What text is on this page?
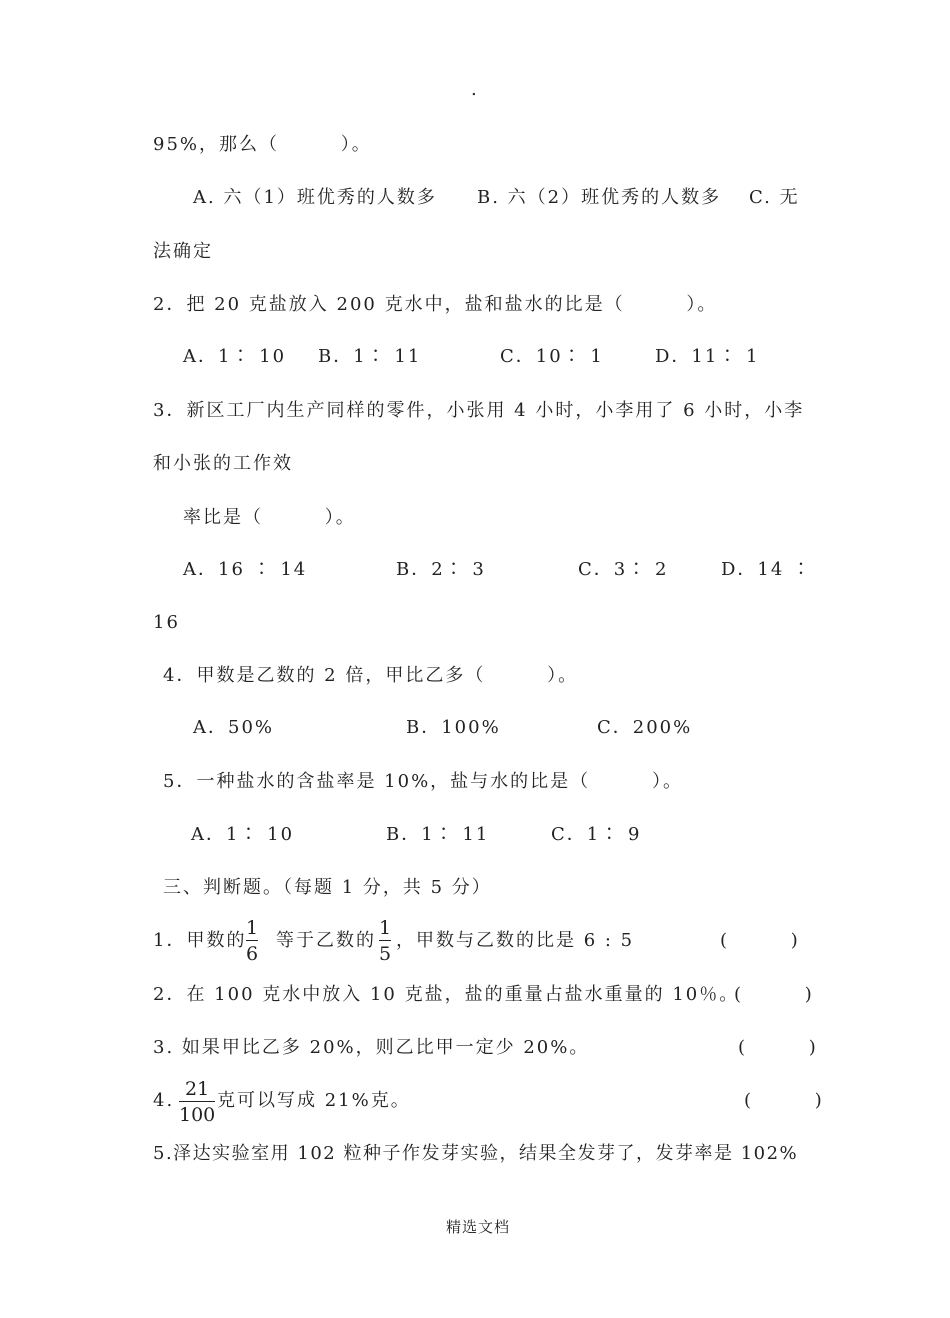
.
95%，那么（        ）。
A. 六（1）班优秀的人数多 B. 六（2）班优秀的人数多 C. 无
法确定
2．把 20 克盐放入 200 克水中，盐和盐水的比是（        ）。
A．1∶ 10 B．1∶ 11	C．10∶ 1	D．11∶ 1
3．新区工厂内生产同样的零件，小张用 4 小时，小李用了 6 小时，小李
和小张的工作效
率比是（        ）。
A．16 ∶ 14	B．2∶ 3	C．3∶ 2	D．14 ∶
16
4．甲数是乙数的 2 倍，甲比乙多（        ）。
A．50%	B．100%	C．200%
5．一种盐水的含盐率是 10%，盐与水的比是（        ）。
A．1∶ 10	B．1∶ 11	C．1∶ 9
三、判断题。（每题 1 分，共 5 分）
1．甲数的
1
6
等于乙数的
1
5
，甲数与乙数的比是 6 : 5	(        )
2．在 100 克水中放入 10 克盐，盐的重量占盐水重量的 10％。
(        )
3. 如果甲比乙多 20%，则乙比甲一定少 20%。	(        )
4.
21
100
克可以写成 21%克。	(        )
5.泽达实验室用 102 粒种子作发芽实验，结果全发芽了，发芽率是 102%
精选文档
